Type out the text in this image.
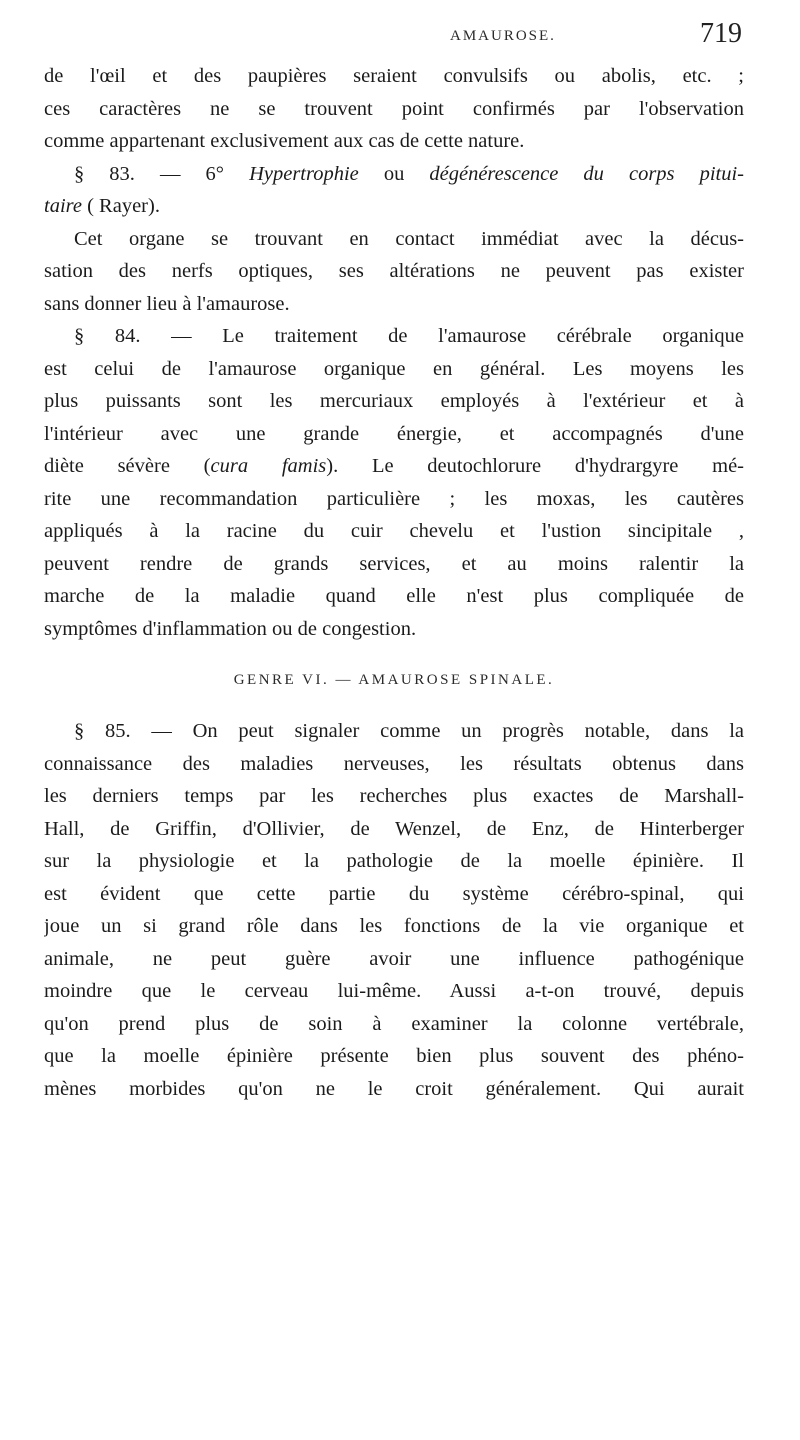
AMAUROSE.	719
de l'œil et des paupières seraient convulsifs ou abolis, etc. ;
ces caractères ne se trouvent point confirmés par l'observation
comme appartenant exclusivement aux cas de cette nature.
§ 83. — 6° Hypertrophie ou dégénérescence du corps pitui-
taire ( Rayer).
Cet organe se trouvant en contact immédiat avec la décus-
sation des nerfs optiques, ses altérations ne peuvent pas exister
sans donner lieu à l'amaurose.
§ 84. — Le traitement de l'amaurose cérébrale organique
est celui de l'amaurose organique en général. Les moyens les
plus puissants sont les mercuriaux employés à l'extérieur et à
l'intérieur avec une grande énergie, et accompagnés d'une
diète sévère (cura famis). Le deutochlorure d'hydrargyre mé-
rite une recommandation particulière ; les moxas, les cautères
appliqués à la racine du cuir chevelu et l'ustion sincipitale ,
peuvent rendre de grands services, et au moins ralentir la
marche de la maladie quand elle n'est plus compliquée de
symptômes d'inflammation ou de congestion.
GENRE VI. — AMAUROSE SPINALE.
§ 85. — On peut signaler comme un progrès notable, dans la
connaissance des maladies nerveuses, les résultats obtenus dans
les derniers temps par les recherches plus exactes de Marshall-
Hall, de Griffin, d'Ollivier, de Wenzel, de Enz, de Hinterberger
sur la physiologie et la pathologie de la moelle épinière. Il
est évident que cette partie du système cérébro-spinal, qui
joue un si grand rôle dans les fonctions de la vie organique et
animale, ne peut guère avoir une influence pathogénique
moindre que le cerveau lui-même. Aussi a-t-on trouvé, depuis
qu'on prend plus de soin à examiner la colonne vertébrale,
que la moelle épinière présente bien plus souvent des phéno-
mènes morbides qu'on ne le croit généralement. Qui aurait
